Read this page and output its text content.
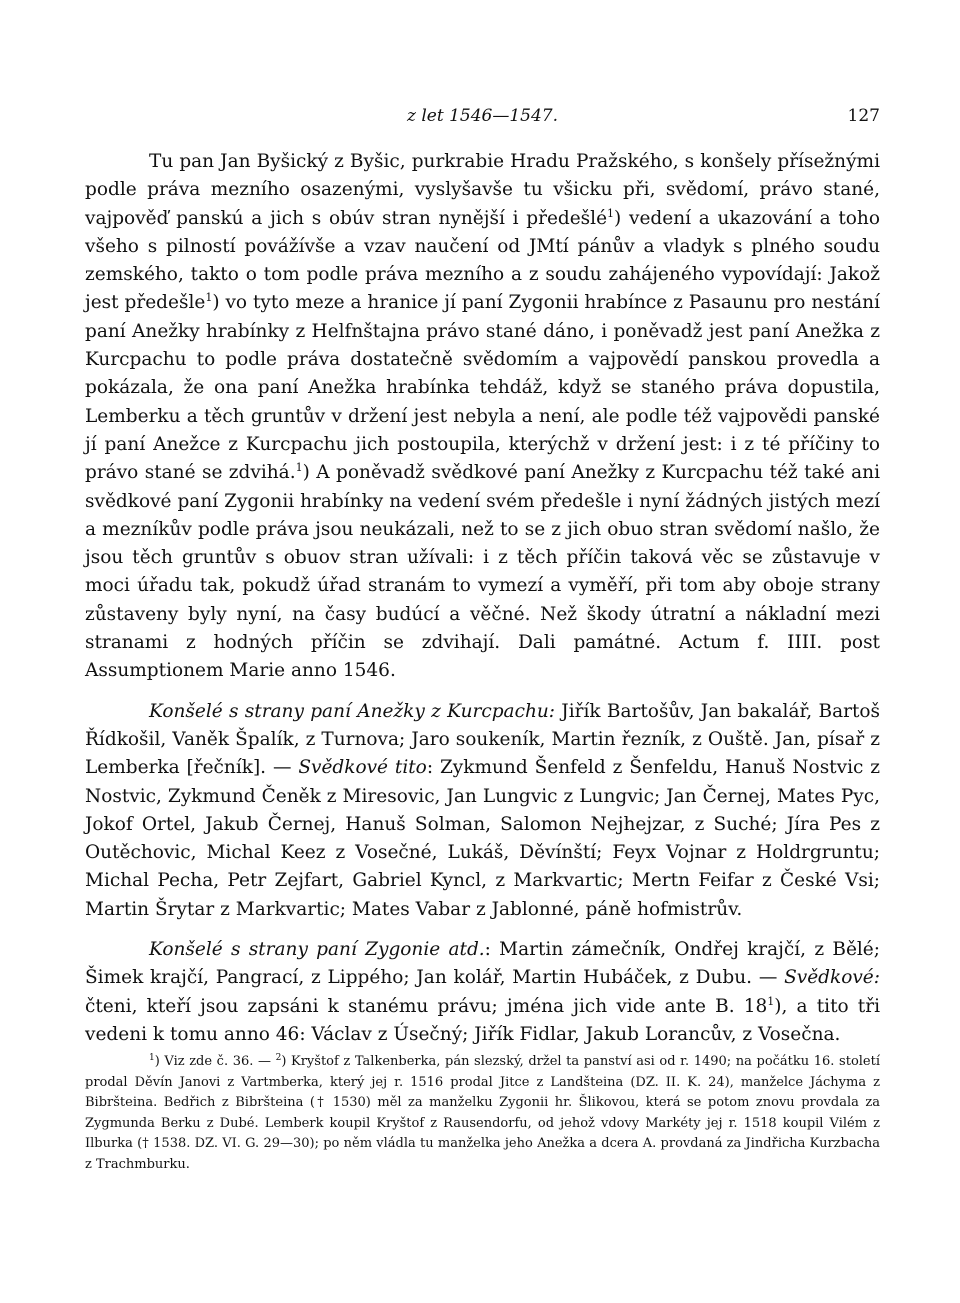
z let 1546—1547.	127

Tu pan Jan Byšický z Byšic, purkrabie Hradu Pražského, s konšely přísežnými podle práva mezního osazenými, vyslyšavše tu všicku při, svědomí, právo stané, vajpověď panskú a jich s obúv stran nynější i předešlé$^1$) vedení a ukazování a toho všeho s pilností povážívše a vzav naučení od JMtí pánův a vladyk s plného soudu zemského, takto o tom podle práva mezního a z soudu zahájeného vypovídají: Jakož jest předešle$^1$) vo tyto meze a hranice jí paní Zygonii hrabínce z Pasaunu pro nestání paní Anežky hrabínky z Helfnštajna právo stané dáno, i poněvadž jest paní Anežka z Kurcpachu to podle práva dostatečně svědomím a vajpovědí panskou provedla a pokázala, že ona paní Anežka hrabínka tehdáž, když se staného práva dopustila, Lemberku a těch gruntův v držení jest nebyla a není, ale podle též vajpovědi panské jí paní Anežce z Kurcpachu jich postoupila, kterýchž v držení jest: i z té příčiny to právo stané se zdvihá.$^1$) A poněvadž svědkové paní Anežky z Kurcpachu též také ani svědkové paní Zygonii hrabínky na vedení svém předešle i nyní žádných jistých mezí a mezníkův podle práva jsou neukázali, než to se z jich obuo stran svědomí našlo, že jsou těch gruntův s obuov stran užívali: i z těch příčin taková věc se zůstavuje v moci úřadu tak, pokudž úřad stranám to vymezí a vyměří, při tom aby oboje strany zůstaveny byly nyní, na časy budúcí a věčné. Než škody útratní a nákladní mezi stranami z hodných příčin se zdvihají. Dali památné. Actum f. IIII. post Assumptionem Marie anno 1546.

Konšelé s strany paní Anežky z Kurcpachu: Jiřík Bartošův, Jan bakalář, Bartoš Řídkošil, Vaněk Špalík, z Turnova; Jaro soukeník, Martin řezník, z Ouště. Jan, písař z Lemberka [řečník]. — Svědkové tito: Zykmund Šenfeld z Šenfeldu, Hanuš Nostvic z Nostvic, Zykmund Čeněk z Miresovic, Jan Lungvic z Lungvic; Jan Černej, Mates Pyc, Jokof Ortel, Jakub Černej, Hanuš Solman, Salomon Nejhejzar, z Suché; Jíra Pes z Outěchovic, Michal Keez z Vosečné, Lukáš, Děvínští; Feyx Vojnar z Holdrgruntu; Michal Pecha, Petr Zejfart, Gabriel Kyncl, z Markvartic; Mertn Feifar z České Vsi; Martin Šrytar z Markvartic; Mates Vabar z Jablonné, páně hofmistrův.

Konšelé s strany paní Zygonie atd.: Martin zámečník, Ondřej krajčí, z Bělé; Šimek krajčí, Pangrací, z Lippého; Jan kolář, Martin Hubáček, z Dubu. — Svědkové: čteni, kteří jsou zapsáni k stanému právu; jména jich vide ante B. $18^1$), a tito tři vedeni k tomu anno 46: Václav z Úsečný; Jiřík Fidlar, Jakub Lorancův, z Vosečna.

$^1$) Viz zde č. 36. — $^2$) Kryštof z Talkenberka, pán slezský, držel ta panství asi od r. 1490; na počátku 16. století prodal Děvín Janovi z Vartmberka, který jej r. 1516 prodal Jitce z Landšteina (DZ. II. K. 24), manželce Jáchyma z Bibršteina. Bedřich z Bibršteina († 1530) měl za manželku Zygonii hr. Šlikovou, která se potom znovu provdala za Zygmunda Berku z Dubé. Lemberk koupil Kryštof z Rausendorfu, od jehož vdovy Markéty jej r. 1518 koupil Vilém z Ilburka († 1538. DZ. VI. G. 29—30); po něm vládla tu manželka jeho Anežka a dcera A. provdaná za Jindřicha Kurzbacha z Trachmburku.
